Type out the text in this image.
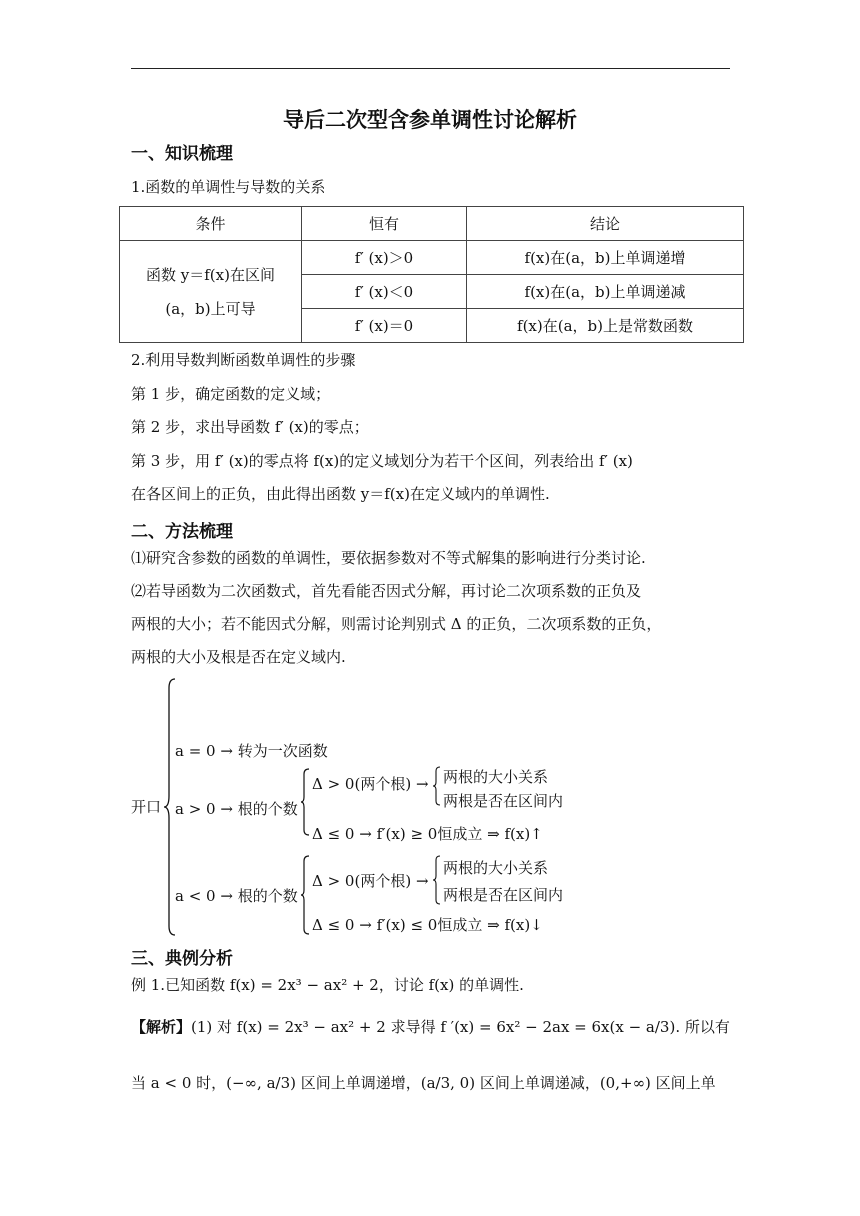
导后二次型含参单调性讨论解析
一、知识梳理
1.函数的单调性与导数的关系
条件	恒有	结论

函数 y＝f(x)在区间
(a，b)上可导	f′ (x)＞0	f(x)在(a，b)上单调递增
	f′ (x)＜0	f(x)在(a，b)上单调递减
	f′ (x)＝0	f(x)在(a，b)上是常数函数
2.利用导数判断函数单调性的步骤
第 1 步，确定函数的定义域；
第 2 步，求出导函数 f′ (x)的零点；
第 3 步，用 f′ (x)的零点将 f(x)的定义域划分为若干个区间，列表给出 f′ (x)
在各区间上的正负，由此得出函数 y＝f(x)在定义域内的单调性.
二、方法梳理
⑴研究含参数的函数的单调性，要依据参数对不等式解集的影响进行分类讨论.
⑵若导函数为二次函数式，首先看能否因式分解，再讨论二次项系数的正负及
两根的大小；若不能因式分解，则需讨论判别式 Δ 的正负，二次项系数的正负，
两根的大小及根是否在定义域内.
开口
a = 0 → 转为一次函数
a > 0 → 根的个数
a < 0 → 根的个数
Δ > 0(两个根) → 两根的大小关系
两根是否在区间内
Δ ≤ 0 → f′(x) ≥ 0恒成立 ⇒ f(x)↑
Δ > 0(两个根) →
两根的大小关系
两根是否在区间内
Δ ≤ 0 → f′(x) ≤ 0恒成立 ⇒ f(x)↓
三、典例分析
例 1.已知函数 f(x) = 2x³ − ax² + 2，讨论 f(x) 的单调性.
【解析】(1) 对 f(x) = 2x³ − ax² + 2 求导得 f ′(x) = 6x² − 2ax = 6x(x − a/3). 所以有
当 a < 0 时，(−∞, a/3) 区间上单调递增，(a/3, 0) 区间上单调递减，(0,+∞) 区间上单
